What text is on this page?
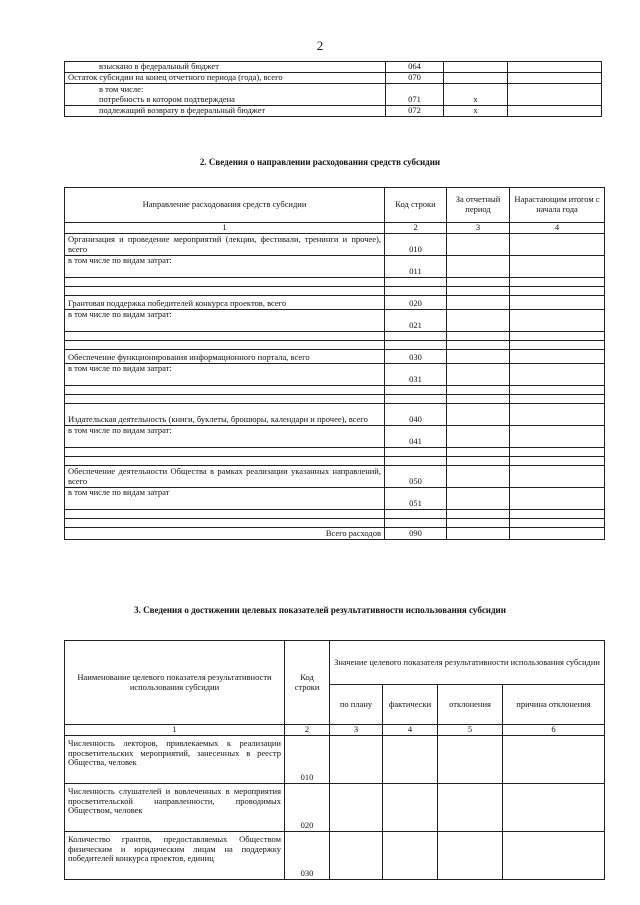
2
взыскано в федеральный бюджет	064		
Остаток субсидии на конец отчетного периода (года), всего	070		
в том числе:			
потребность в котором подтверждена	071	x	
подлежащий возврату в федеральный бюджет	072	x	
2. Сведения о направлении расходования средств субсидии
Направление расходования средств субсидии	Код строки	За отчетный период	Нарастающим итогом с начала года
1	2	3	4
Организация и проведение мероприятий (лекции, фестивали, тренинги и прочее), всего	010		
в том числе по видам затрат:	011		

Грантовая поддержка победителей конкурса проектов, всего	020		
в том числе по видам затрат:	021		

Обеспечение функционирования информационного портала, всего	030		
в том числе по видам затрат:	031		

Издательская деятельность (книги, буклеты, брошюры, календари и прочее), всего	040		
в том числе по видам затрат:	041		

Обеспечение деятельности Общества в рамках реализации указанных направлений, всего	050		
в том числе по видам затрат	051		

Всего расходов	090		
3. Сведения о достижении целевых показателей результативности использования субсидии
Наименование целевого показателя результативности использования субсидии	Код строки	Значение целевого показателя результативности использования субсидии			
		по плану	фактически	отклонения	причина отклонения
1	2	3	4	5	6
Численность лекторов, привлекаемых к реализации просветительских мероприятий, занесенных в реестр Общества, человек	010				
Численность слушателей и вовлеченных в мероприятия просветительской направленности, проводимых Обществом, человек	020				
Количество грантов, предоставляемых Обществом физическим и юридическим лицам на поддержку победителей конкурса проектов, единиц	030				
